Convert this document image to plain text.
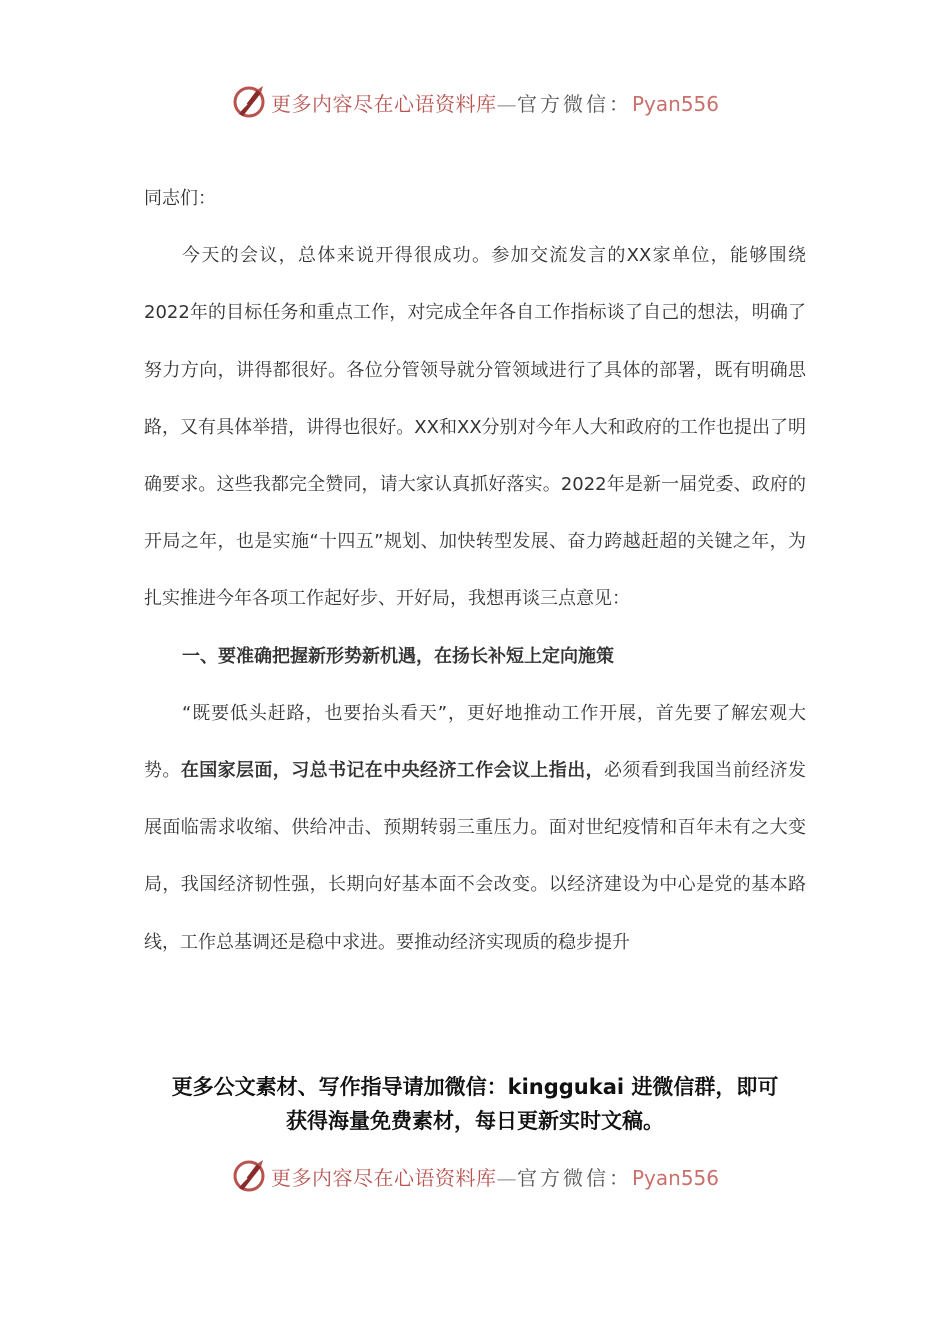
更多内容尽在心语资料库—官方微信：Pyan556

同志们：

今天的会议，总体来说开得很成功。参加交流发言的XX家单位，能够围绕2022年的目标任务和重点工作，对完成全年各自工作指标谈了自己的想法，明确了努力方向，讲得都很好。各位分管领导就分管领域进行了具体的部署，既有明确思路，又有具体举措，讲得也很好。XX和XX分别对今年人大和政府的工作也提出了明确要求。这些我都完全赞同，请大家认真抓好落实。2022年是新一届党委、政府的开局之年，也是实施“十四五”规划、加快转型发展、奋力跨越赶超的关键之年，为扎实推进今年各项工作起好步、开好局，我想再谈三点意见：

一、要准确把握新形势新机遇，在扬长补短上定向施策

“既要低头赶路，也要抬头看天”，更好地推动工作开展，首先要了解宏观大势。在国家层面，习总书记在中央经济工作会议上指出，必须看到我国当前经济发展面临需求收缩、供给冲击、预期转弱三重压力。面对世纪疫情和百年未有之大变局，我国经济韧性强，长期向好基本面不会改变。以经济建设为中心是党的基本路线，工作总基调还是稳中求进。要推动经济实现质的稳步提升

更多公文素材、写作指导请加微信：kinggukai 进微信群，即可
获得海量免费素材，每日更新实时文稿。
更多内容尽在心语资料库—官方微信：Pyan556
